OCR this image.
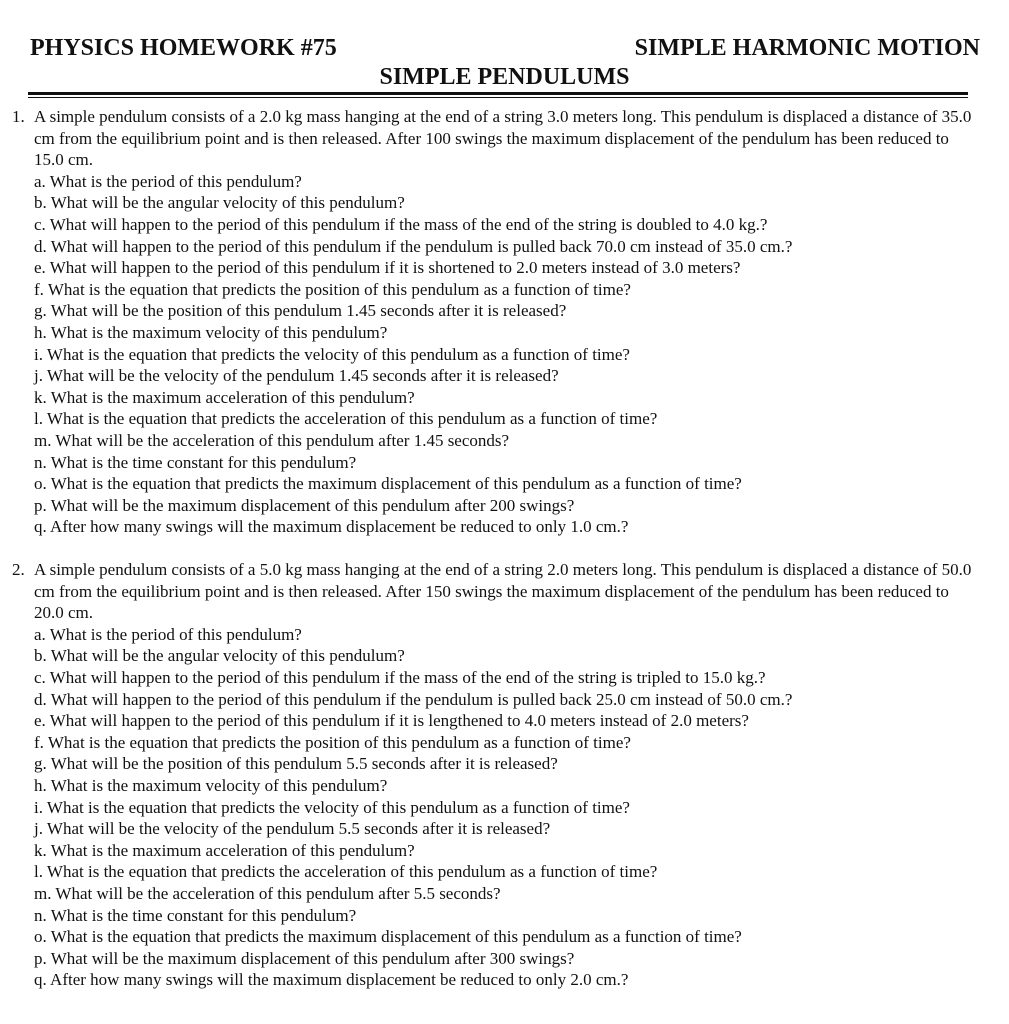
PHYSICS HOMEWORK #75	SIMPLE HARMONIC MOTION
SIMPLE PENDULUMS
1. A simple pendulum consists of a 2.0 kg mass hanging at the end of a string 3.0 meters long. This pendulum is displaced a distance of 35.0 cm from the equilibrium point and is then released. After 100 swings the maximum displacement of the pendulum has been reduced to 15.0 cm.
a. What is the period of this pendulum?
b. What will be the angular velocity of this pendulum?
c. What will happen to the period of this pendulum if the mass of the end of the string is doubled to 4.0 kg.?
d. What will happen to the period of this pendulum if the pendulum is pulled back 70.0 cm instead of 35.0 cm.?
e. What will happen to the period of this pendulum if it is shortened to 2.0 meters instead of 3.0 meters?
f. What is the equation that predicts the position of this pendulum as a function of time?
g. What will be the position of this pendulum 1.45 seconds after it is released?
h. What is the maximum velocity of this pendulum?
i. What is the equation that predicts the velocity of this pendulum as a function of time?
j. What will be the velocity of the pendulum 1.45 seconds after it is released?
k. What is the maximum acceleration of this pendulum?
l. What is the equation that predicts the acceleration of this pendulum as a function of time?
m. What will be the acceleration of this pendulum after 1.45 seconds?
n. What is the time constant for this pendulum?
o. What is the equation that predicts the maximum displacement of this pendulum as a function of time?
p. What will be the maximum displacement of this pendulum after 200 swings?
q. After how many swings will the maximum displacement be reduced to only 1.0 cm.?
2. A simple pendulum consists of a 5.0 kg mass hanging at the end of a string 2.0 meters long. This pendulum is displaced a distance of 50.0 cm from the equilibrium point and is then released. After 150 swings the maximum displacement of the pendulum has been reduced to 20.0 cm.
a. What is the period of this pendulum?
b. What will be the angular velocity of this pendulum?
c. What will happen to the period of this pendulum if the mass of the end of the string is tripled to 15.0 kg.?
d. What will happen to the period of this pendulum if the pendulum is pulled back 25.0 cm instead of 50.0 cm.?
e. What will happen to the period of this pendulum if it is lengthened to 4.0 meters instead of 2.0 meters?
f. What is the equation that predicts the position of this pendulum as a function of time?
g. What will be the position of this pendulum 5.5 seconds after it is released?
h. What is the maximum velocity of this pendulum?
i. What is the equation that predicts the velocity of this pendulum as a function of time?
j. What will be the velocity of the pendulum 5.5 seconds after it is released?
k. What is the maximum acceleration of this pendulum?
l. What is the equation that predicts the acceleration of this pendulum as a function of time?
m. What will be the acceleration of this pendulum after 5.5 seconds?
n. What is the time constant for this pendulum?
o. What is the equation that predicts the maximum displacement of this pendulum as a function of time?
p. What will be the maximum displacement of this pendulum after 300 swings?
q. After how many swings will the maximum displacement be reduced to only 2.0 cm.?
